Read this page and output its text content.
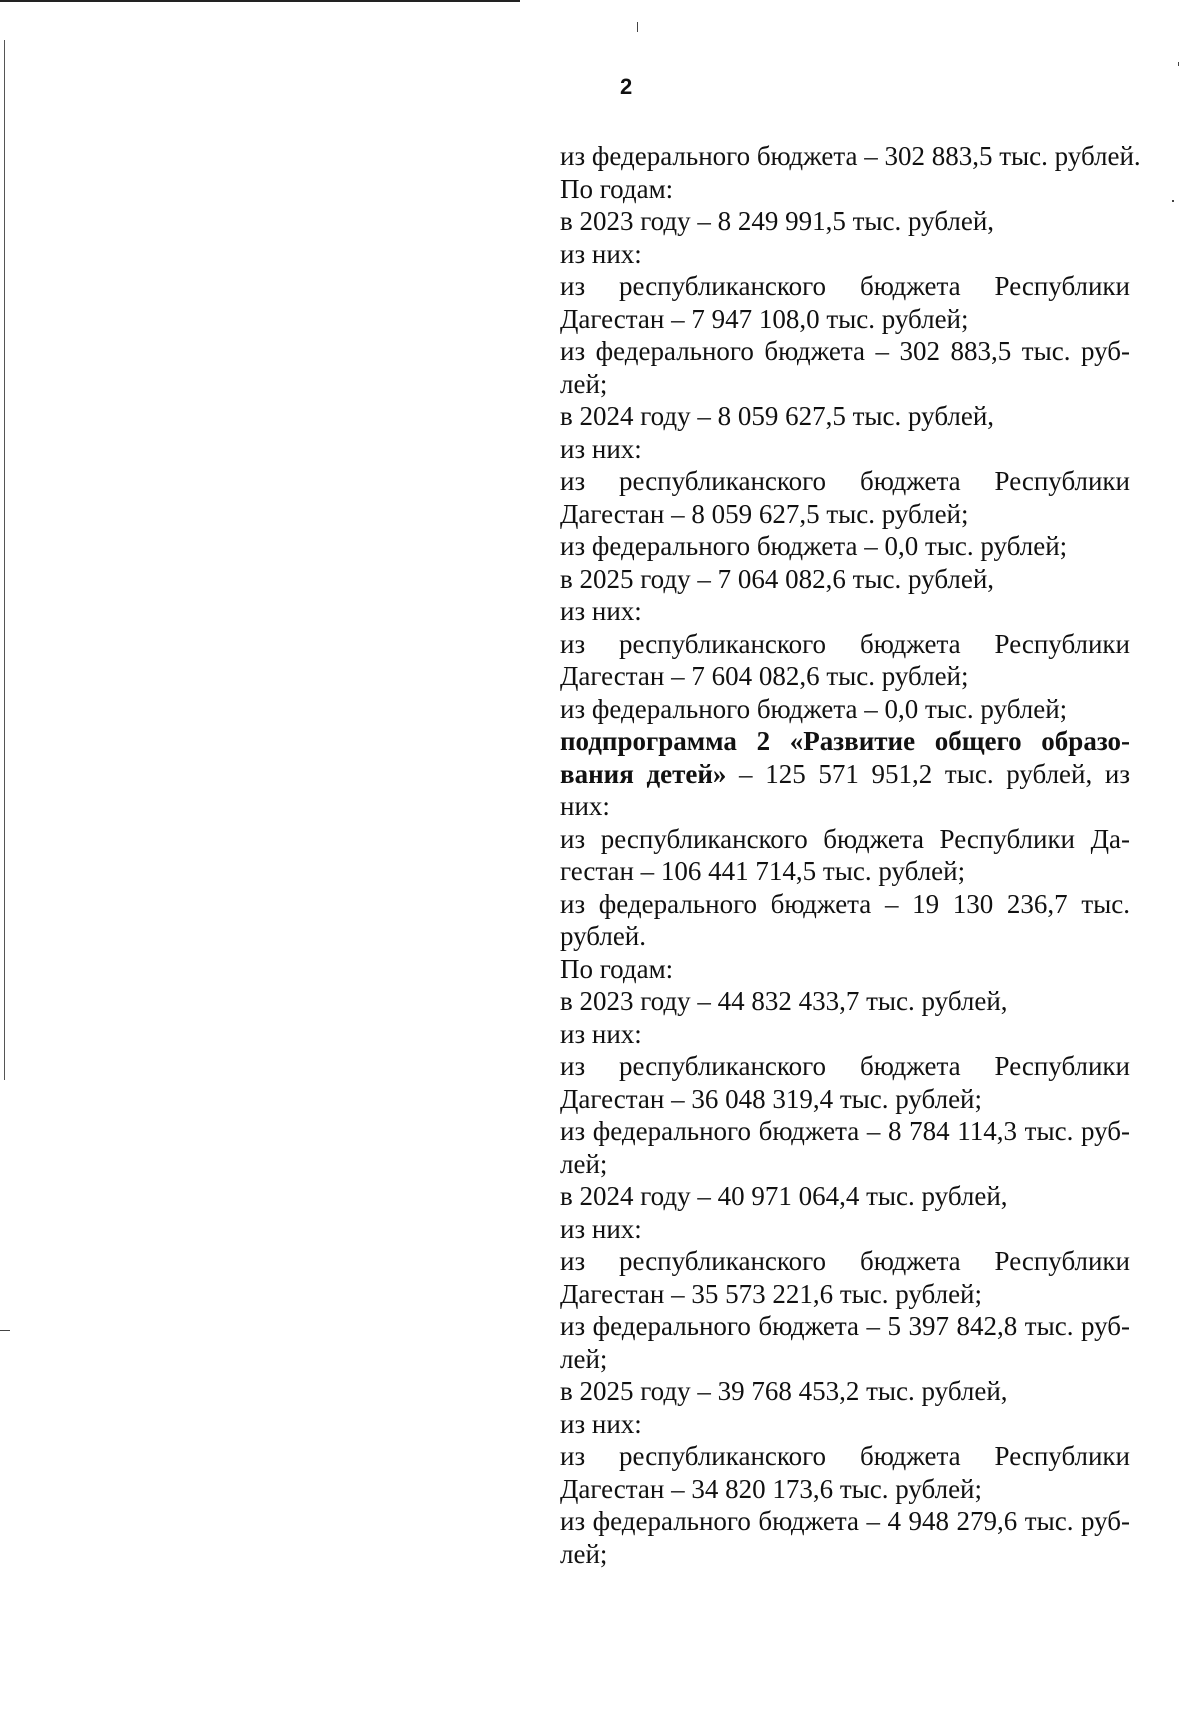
2
из федерального бюджета – 302 883,5 тыс. рублей.
По годам:
в 2023 году – 8 249 991,5 тыс. рублей,
из них:
из республиканского бюджета Республики
Дагестан – 7 947 108,0 тыс. рублей;
из федерального бюджета – 302 883,5 тыс. руб-
лей;
в 2024 году – 8 059 627,5 тыс. рублей,
из них:
из республиканского бюджета Республики
Дагестан – 8 059 627,5 тыс. рублей;
из федерального бюджета – 0,0 тыс. рублей;
в 2025 году – 7 064 082,6 тыс. рублей,
из них:
из республиканского бюджета Республики
Дагестан – 7 604 082,6 тыс. рублей;
из федерального бюджета – 0,0 тыс. рублей;
подпрограмма 2 «Развитие общего образо-
вания детей» – 125 571 951,2 тыс. рублей, из
них:
из республиканского бюджета Республики Да-
гестан – 106 441 714,5 тыс. рублей;
из федерального бюджета – 19 130 236,7 тыс.
рублей.
По годам:
в 2023 году – 44 832 433,7 тыс. рублей,
из них:
из республиканского бюджета Республики
Дагестан – 36 048 319,4 тыс. рублей;
из федерального бюджета – 8 784 114,3 тыс. руб-
лей;
в 2024 году – 40 971 064,4 тыс. рублей,
из них:
из республиканского бюджета Республики
Дагестан – 35 573 221,6 тыс. рублей;
из федерального бюджета – 5 397 842,8 тыс. руб-
лей;
в 2025 году – 39 768 453,2 тыс. рублей,
из них:
из республиканского бюджета Республики
Дагестан – 34 820 173,6 тыс. рублей;
из федерального бюджета – 4 948 279,6 тыс. руб-
лей;
